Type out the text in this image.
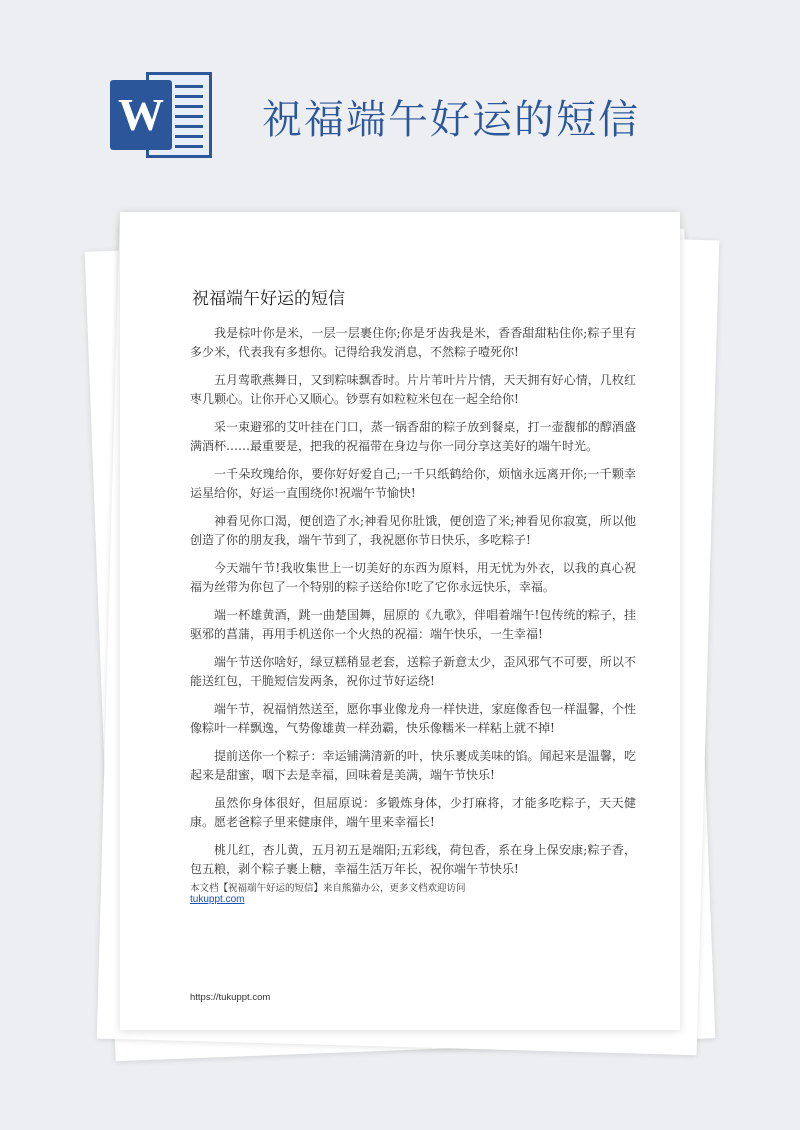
W 祝福端午好运的短信
祝福端午好运的短信

我是棕叶你是米，一层一层裹住你;你是牙齿我是米，香香甜甜粘住你;粽子里有多少米，代表我有多想你。记得给我发消息，不然粽子噎死你!

五月莺歌燕舞日，又到粽味飘香时。片片苇叶片片情，天天拥有好心情，几枚红枣几颗心。让你开心又顺心。钞票有如粒粒米包在一起全给你!

采一束避邪的艾叶挂在门口，蒸一锅香甜的粽子放到餐桌，打一壶馥郁的醇酒盛满酒杯……最重要是，把我的祝福带在身边与你一同分享这美好的端午时光。

一千朵玫瑰给你，要你好好爱自己;一千只纸鹤给你，烦恼永远离开你;一千颗幸运星给你，好运一直围绕你!祝端午节愉快!

神看见你口渴，便创造了水;神看见你肚饿，便创造了米;神看见你寂寞，所以他创造了你的朋友我，端午节到了，我祝愿你节日快乐，多吃粽子!

今天端午节!我收集世上一切美好的东西为原料，用无忧为外衣，以我的真心祝福为丝带为你包了一个特别的粽子送给你!吃了它你永远快乐，幸福。

端一杯雄黄酒，跳一曲楚国舞，屈原的《九歌》，伴唱着端午!包传统的粽子，挂驱邪的菖蒲，再用手机送你一个火热的祝福：端午快乐，一生幸福!

端午节送你啥好，绿豆糕稍显老套，送粽子新意太少，歪风邪气不可要，所以不能送红包，干脆短信发两条，祝你过节好运绕!

端午节，祝福悄然送至，愿你事业像龙舟一样快进，家庭像香包一样温馨，个性像粽叶一样飘逸，气势像雄黄一样劲霸，快乐像糯米一样粘上就不掉!

提前送你一个粽子：幸运铺满清新的叶，快乐裹成美味的馅。闻起来是温馨，吃起来是甜蜜，咽下去是幸福，回味着是美满，端午节快乐!

虽然你身体很好，但屈原说：多锻炼身体，少打麻将，才能多吃粽子，天天健康。愿老爸粽子里来健康伴，端午里来幸福长!

桃儿红，杏儿黄，五月初五是端阳;五彩线，荷包香，系在身上保安康;粽子香，包五粮，剥个粽子裹上糖，幸福生活万年长，祝你端午节快乐!

本文档【祝福端午好运的短信】来自熊猫办公，更多文档欢迎访问
tukuppt.com
https://tukuppt.com
